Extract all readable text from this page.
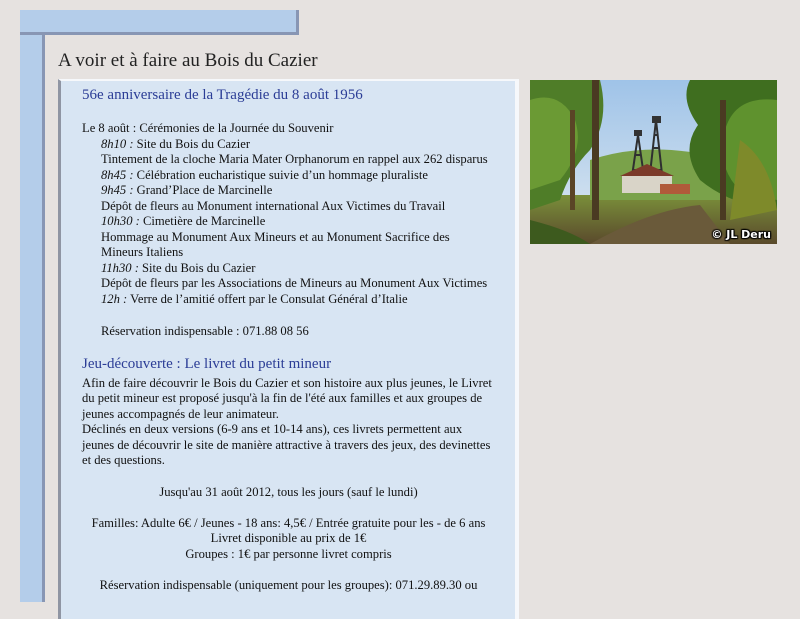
A voir et à faire au Bois du Cazier
56e anniversaire de la Tragédie du 8 août 1956
Le 8 août : Cérémonies de la Journée du Souvenir
8h10 : Site du Bois du Cazier
Tintement de la cloche Maria Mater Orphanorum en rappel aux 262 disparus
8h45 : Célébration eucharistique suivie d’un hommage pluraliste
9h45 : Grand’Place de Marcinelle
Dépôt de fleurs au Monument international Aux Victimes du Travail
10h30 : Cimetière de Marcinelle
Hommage au Monument Aux Mineurs et au Monument Sacrifice des
Mineurs Italiens
11h30 : Site du Bois du Cazier
Dépôt de fleurs par les Associations de Mineurs au Monument Aux Victimes
12h : Verre de l’amitié offert par le Consulat Général d’Italie
Réservation indispensable : 071.88 08 56
Jeu-découverte : Le livret du petit mineur
Afin de faire découvrir le Bois du Cazier et son histoire aux plus jeunes, le Livret
du petit mineur est proposé jusqu'à la fin de l'été aux familles et aux groupes de
jeunes accompagnés de leur animateur.
Déclinés en deux versions (6-9 ans et 10-14 ans), ces livrets permettent aux
jeunes de découvrir le site de manière attractive à travers des jeux, des devinettes
et des questions.
Jusqu'au 31 août 2012, tous les jours (sauf le lundi)
Familles: Adulte 6€ / Jeunes - 18 ans: 4,5€ / Entrée gratuite pour les - de 6 ans
Livret disponible au prix de 1€
Groupes : 1€ par personne livret compris
Réservation indispensable (uniquement pour les groupes): 071.29.89.30 ou
© JL Deru
